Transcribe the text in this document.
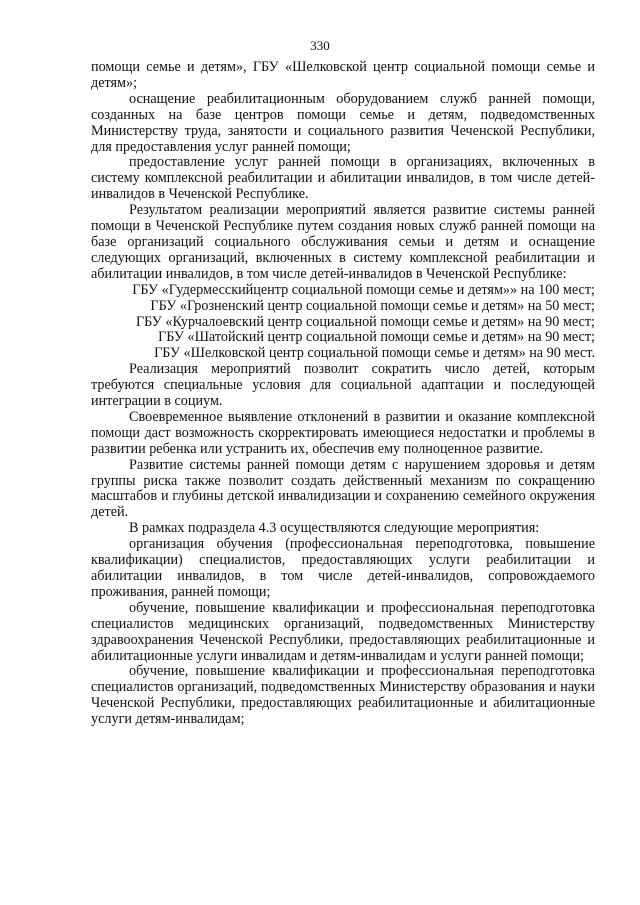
330

помощи семье и детям», ГБУ «Шелковской центр социальной помощи семье и детям»;

оснащение реабилитационным оборудованием служб ранней помощи, созданных на базе центров помощи семье и детям, подведомственных Министерству труда, занятости и социального развития Чеченской Республики, для предоставления услуг ранней помощи;

предоставление услуг ранней помощи в организациях, включенных в систему комплексной реабилитации и абилитации инвалидов, в том числе детей-инвалидов в Чеченской Республике.

Результатом реализации мероприятий является развитие системы ранней помощи в Чеченской Республике путем создания новых служб ранней помощи на базе организаций социального обслуживания семьи и детям и оснащение следующих организаций, включенных в систему комплексной реабилитации и абилитации инвалидов, в том числе детей-инвалидов в Чеченской Республике:

ГБУ «Гудермесскийцентр социальной помощи семье и детям»» на 100 мест;

ГБУ «Грозненский центр социальной помощи семье и детям» на 50 мест;

ГБУ «Курчалоевский центр социальной помощи семье и детям» на 90 мест;

ГБУ «Шатойский центр социальной помощи семье и детям» на 90 мест;

ГБУ «Шелковской центр социальной помощи семье и детям» на 90 мест.

Реализация мероприятий позволит сократить число детей, которым требуются специальные условия для социальной адаптации и последующей интеграции в социум.

Своевременное выявление отклонений в развитии и оказание комплексной помощи даст возможность скорректировать имеющиеся недостатки и проблемы в развитии ребенка или устранить их, обеспечив ему полноценное развитие.

Развитие системы ранней помощи детям с нарушением здоровья и детям группы риска также позволит создать действенный механизм по сокращению масштабов и глубины детской инвалидизации и сохранению семейного окружения детей.

В рамках подраздела 4.3 осуществляются следующие мероприятия:

организация обучения (профессиональная переподготовка, повышение квалификации) специалистов, предоставляющих услуги реабилитации и абилитации инвалидов, в том числе детей-инвалидов, сопровождаемого проживания, ранней помощи;

обучение, повышение квалификации и профессиональная переподготовка специалистов медицинских организаций, подведомственных Министерству здравоохранения Чеченской Республики, предоставляющих реабилитационные и абилитационные услуги инвалидам и детям-инвалидам и услуги ранней помощи;

обучение, повышение квалификации и профессиональная переподготовка специалистов организаций, подведомственных Министерству образования и науки Чеченской Республики, предоставляющих реабилитационные и абилитационные услуги детям-инвалидам;
